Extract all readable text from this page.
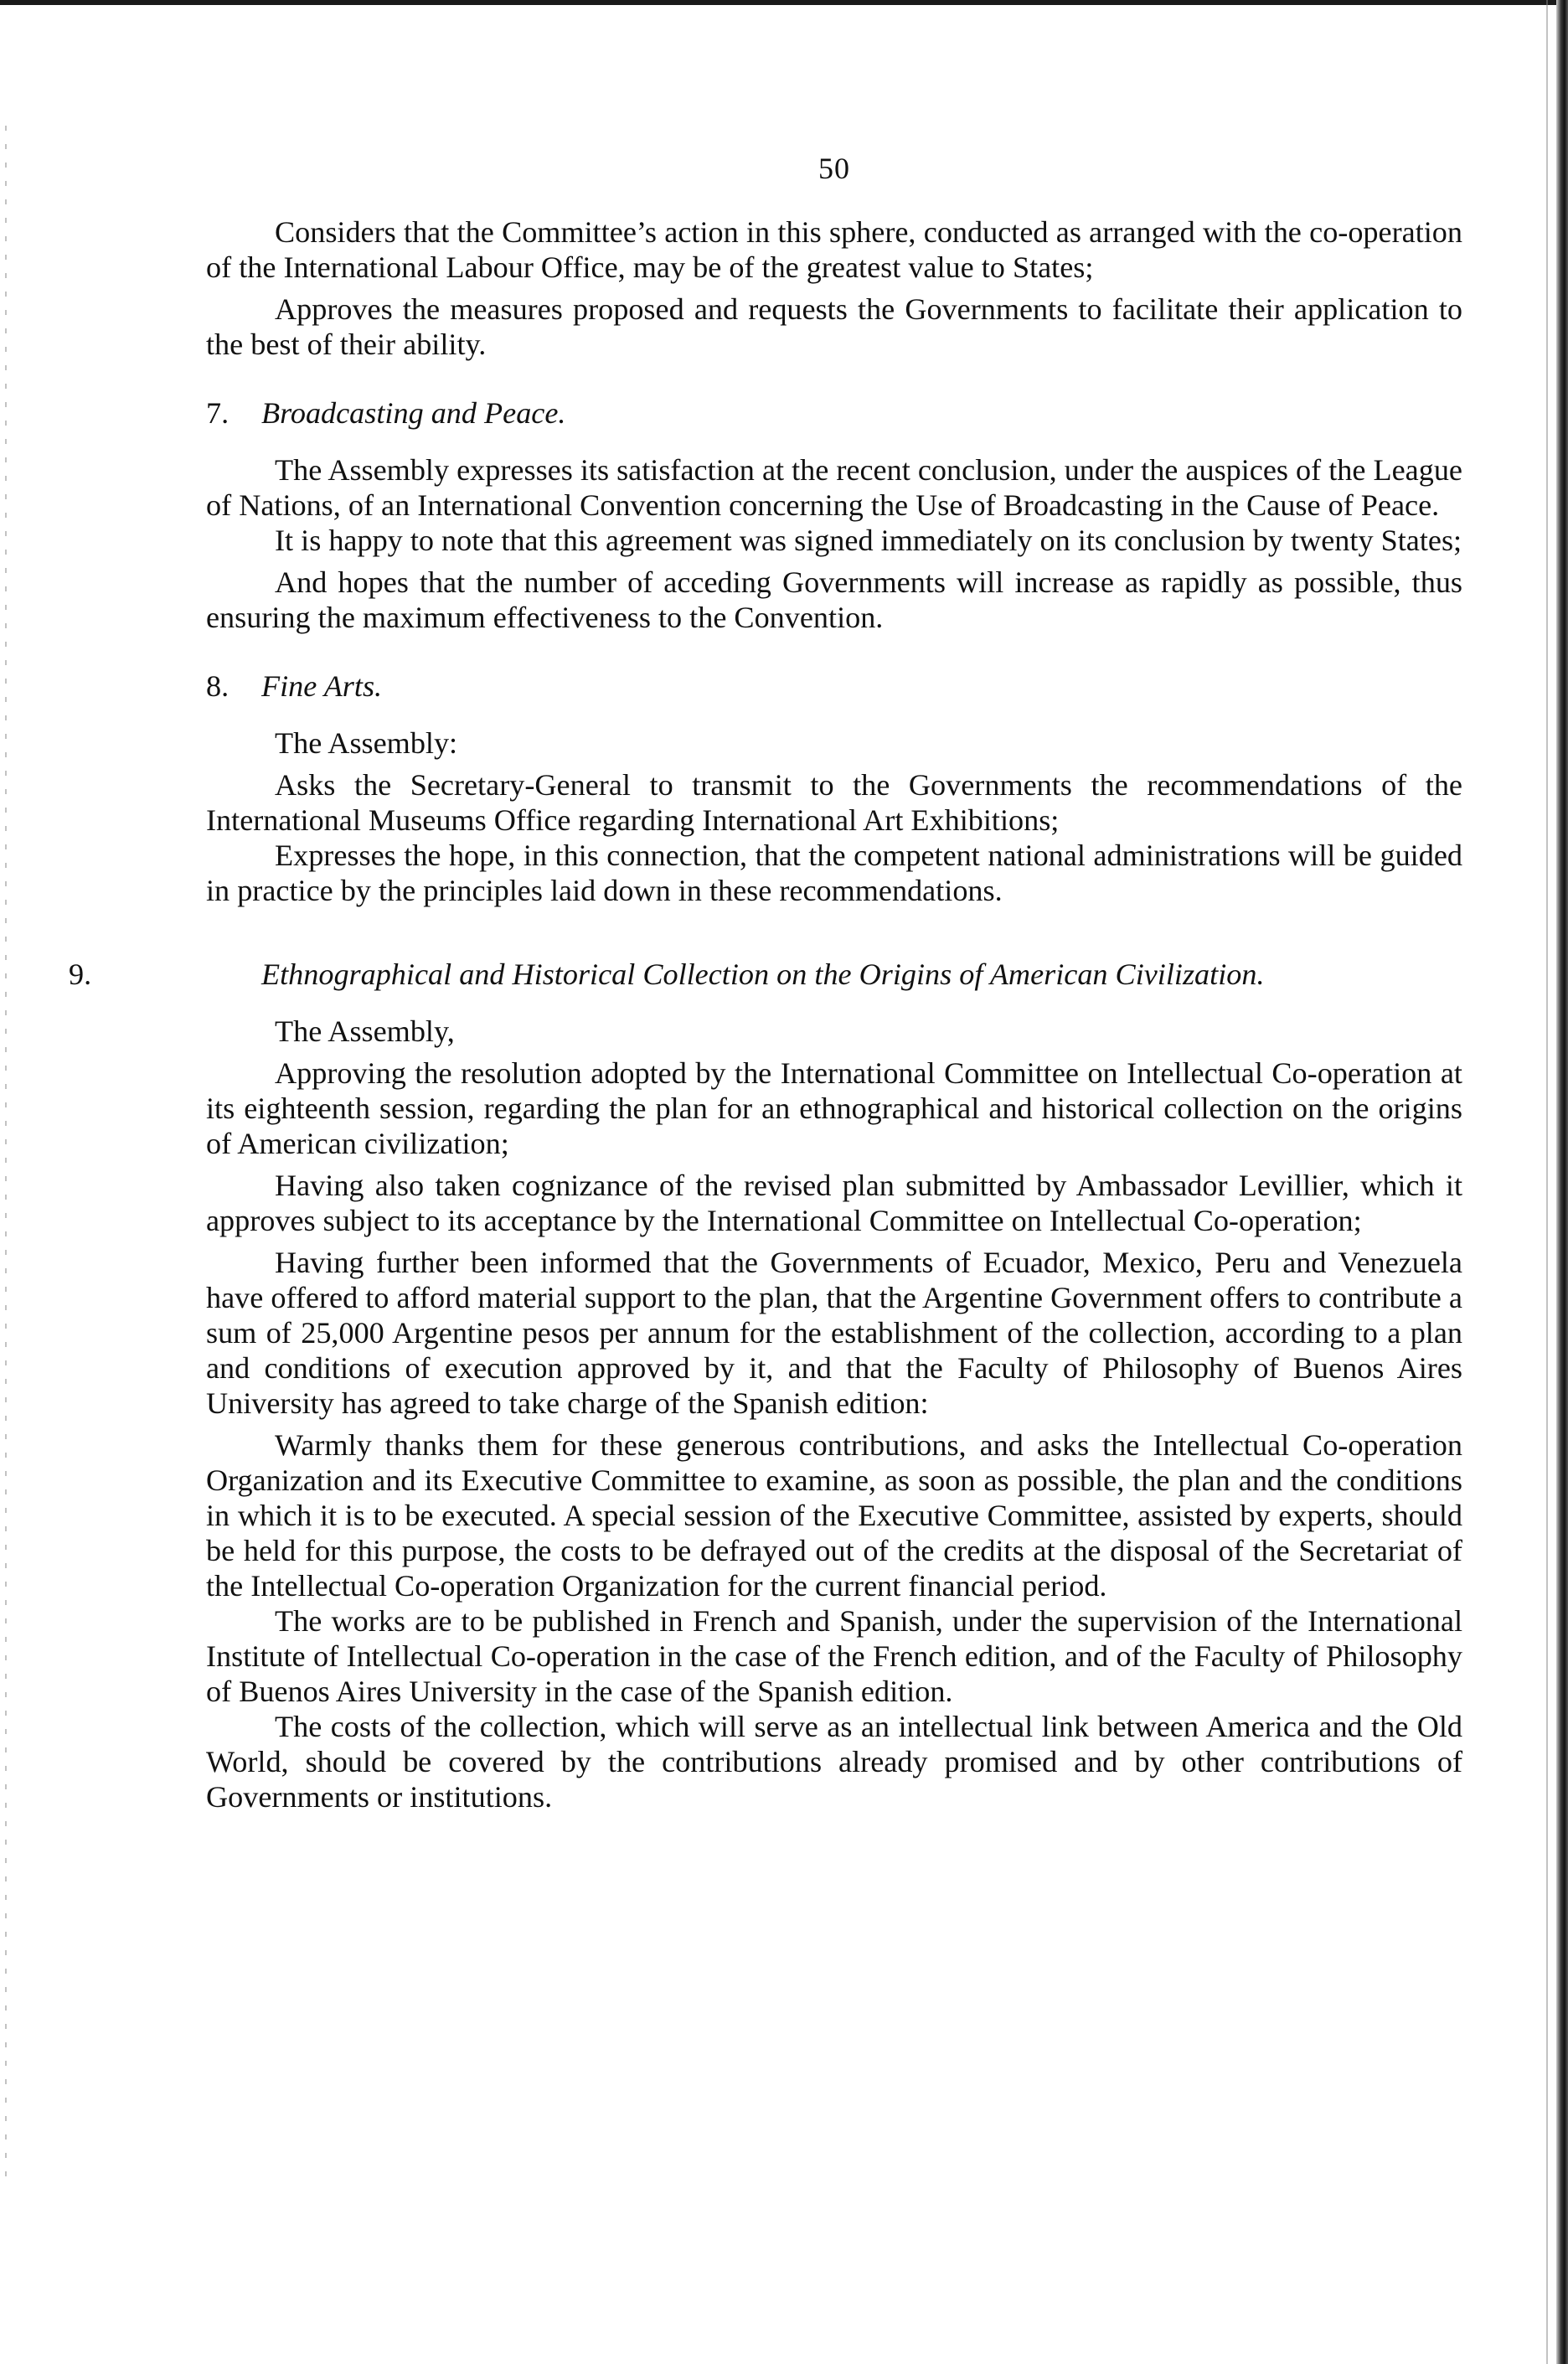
50

Considers that the Committee’s action in this sphere, conducted as arranged with the co-operation of the International Labour Office, may be of the greatest value to States;

Approves the measures proposed and requests the Governments to facilitate their application to the best of their ability.

7. Broadcasting and Peace.

The Assembly expresses its satisfaction at the recent conclusion, under the auspices of the League of Nations, of an International Convention concerning the Use of Broadcasting in the Cause of Peace.

It is happy to note that this agreement was signed immediately on its conclusion by twenty States;

And hopes that the number of acceding Governments will increase as rapidly as possible, thus ensuring the maximum effectiveness to the Convention.

8. Fine Arts.

The Assembly:

Asks the Secretary-General to transmit to the Governments the recommendations of the International Museums Office regarding International Art Exhibitions;

Expresses the hope, in this connection, that the competent national administrations will be guided in practice by the principles laid down in these recommendations.

9.	Ethnographical and Historical Collection on the Origins of American Civilization.

The Assembly,

Approving the resolution adopted by the International Committee on Intellectual Co-operation at its eighteenth session, regarding the plan for an ethnographical and historical collection on the origins of American civilization;

Having also taken cognizance of the revised plan submitted by Ambassador Levillier, which it approves subject to its acceptance by the International Committee on Intellectual Co-operation;

Having further been informed that the Governments of Ecuador, Mexico, Peru and Venezuela have offered to afford material support to the plan, that the Argentine Government offers to contribute a sum of 25,000 Argentine pesos per annum for the establishment of the collection, according to a plan and conditions of execution approved by it, and that the Faculty of Philosophy of Buenos Aires University has agreed to take charge of the Spanish edition:

Warmly thanks them for these generous contributions, and asks the Intellectual Co-operation Organization and its Executive Committee to examine, as soon as possible, the plan and the conditions in which it is to be executed. A special session of the Executive Committee, assisted by experts, should be held for this purpose, the costs to be defrayed out of the credits at the disposal of the Secretariat of the Intellectual Co-operation Organization for the current financial period.

The works are to be published in French and Spanish, under the supervision of the International Institute of Intellectual Co-operation in the case of the French edition, and of the Faculty of Philosophy of Buenos Aires University in the case of the Spanish edition.

The costs of the collection, which will serve as an intellectual link between America and the Old World, should be covered by the contributions already promised and by other contributions of Governments or institutions.
